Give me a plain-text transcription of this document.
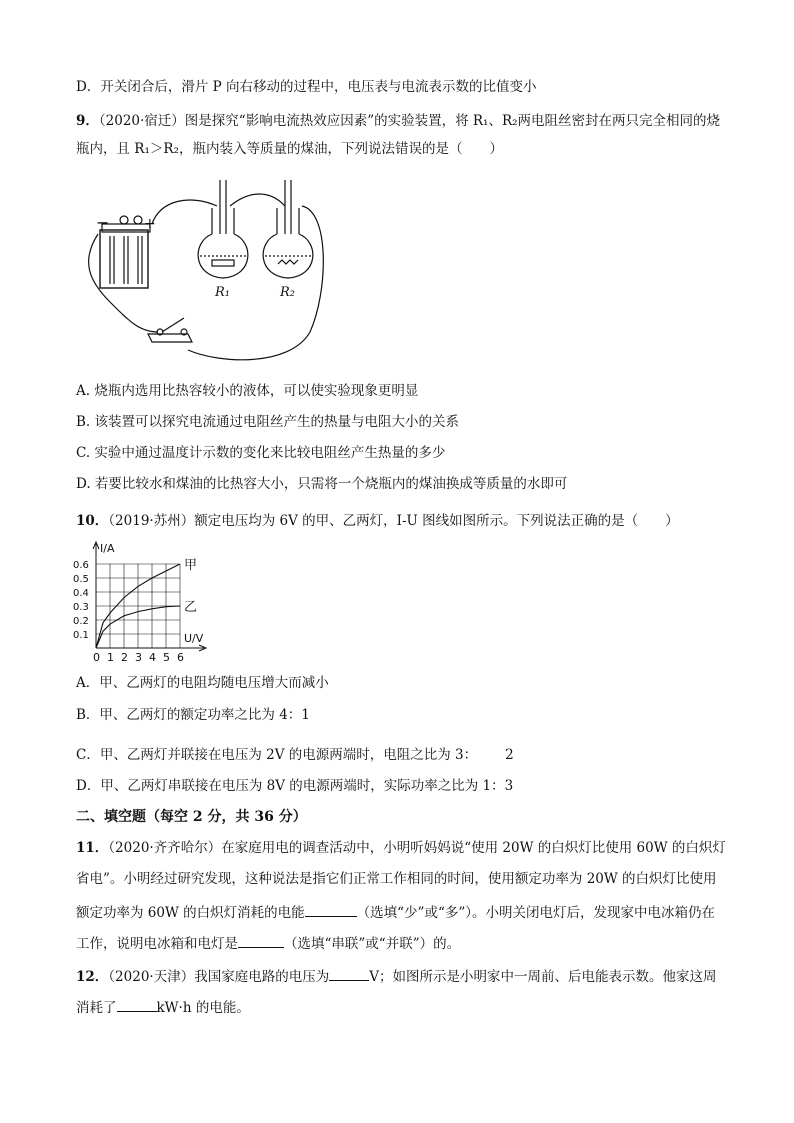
D．开关闭合后，滑片 P 向右移动的过程中，电压表与电流表示数的比值变小
9．（2020·宿迁）图是探究“影响电流热效应因素”的实验装置，将 R₁、R₂两电阻丝密封在两只完全相同的烧
瓶内，且 R₁＞R₂，瓶内装入等质量的煤油，下列说法错误的是（　　）
− +
R₁	R₂
A. 烧瓶内选用比热容较小的液体，可以使实验现象更明显
B. 该装置可以探究电流通过电阻丝产生的热量与电阻大小的关系
C. 实验中通过温度计示数的变化来比较电阻丝产生热量的多少
D. 若要比较水和煤油的比热容大小，只需将一个烧瓶内的煤油换成等质量的水即可
10．（2019·苏州）额定电压均为 6V 的甲、乙两灯，I-U 图线如图所示。下列说法正确的是（　　）
0 1 2 3 4 5 6
0.1
0.2
0.3
0.4
0.5
0.6
I/A
U/V
甲
乙
A．甲、乙两灯的电阻均随电压增大而减小
B．甲、乙两灯的额定功率之比为 4：1
C．甲、乙两灯并联接在电压为 2V 的电源两端时，电阻之比为 3： 2
D．甲、乙两灯串联接在电压为 8V 的电源两端时，实际功率之比为 1：3
二、填空题（每空 2 分，共 36 分）
11．（2020·齐齐哈尔）在家庭用电的调查活动中，小明听妈妈说“使用 20W 的白炽灯比使用 60W 的白炽灯
省电”。小明经过研究发现，这种说法是指它们正常工作相同的时间，使用额定功率为 20W 的白炽灯比使用
额定功率为 60W 的白炽灯消耗的电能	（选填“少”或“多”）。小明关闭电灯后，发现家中电冰箱仍在
工作，说明电冰箱和电灯是	（选填“串联”或“并联”）的。
12．（2020·天津）我国家庭电路的电压为	V；如图所示是小明家中一周前、后电能表示数。他家这周
消耗了	kW·h 的电能。
